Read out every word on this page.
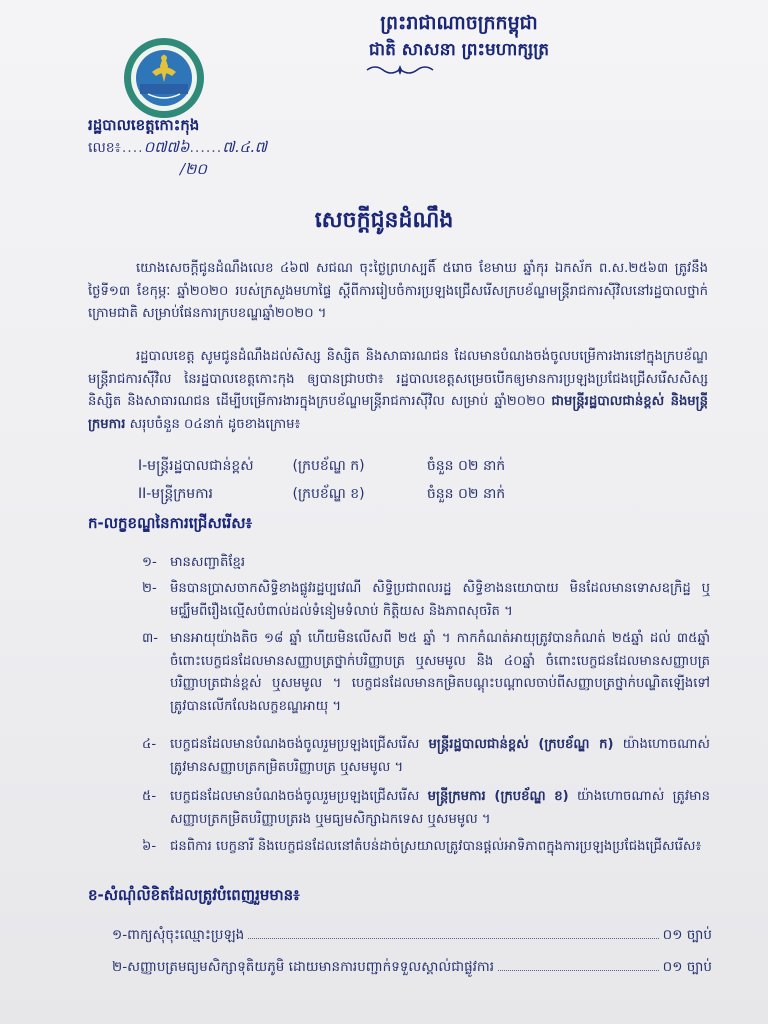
ព្រះរាជាណាចក្រកម្ពុជា
ជាតិ សាសនា ព្រះមហាក្សត្រ
រដ្ឋបាលខេត្តកោះកុង
លេខ៖....០៧៧៦......៧.៤.៧
/២០
សេចក្តីជូនដំណឹង
យោងសេចក្តីជូនដំណឹងលេខ ៤៦៧ សជណ ចុះថ្ងៃព្រហស្បតិ៍ ៥រោច ខែមាឃ ឆ្នាំកុរ ឯកស័ក ព.ស.២៥៦៣ ត្រូវនឹងថ្ងៃទី១៣ ខែកុម្ភៈ ឆ្នាំ២០២០ របស់ក្រសួងមហាផ្ទៃ ស្តីពីការរៀបចំការប្រឡងជ្រើសរើសក្របខ័ណ្ឌមន្ត្រីរាជការស៊ីវិលនៅរដ្ឋបាលថ្នាក់ក្រោមជាតិ សម្រាប់ផែនការក្របខណ្ឌឆ្នាំ២០២០ ។
រដ្ឋបាលខេត្ត សូមជូនដំណឹងដល់សិស្ស និស្សិត និងសាធារណជន ដែលមានបំណងចង់ចូលបម្រើការងារនៅក្នុងក្របខ័ណ្ឌមន្ត្រីរាជការស៊ីវិល នៃរដ្ឋបាលខេត្តកោះកុង ឲ្យបានជ្រាបថា៖ រដ្ឋបាលខេត្តសម្រេចបើកឲ្យមានការប្រឡងប្រជែងជ្រើសរើសសិស្ស និស្សិត និងសាធារណជន ដើម្បីបម្រើការងារក្នុងក្របខ័ណ្ឌមន្ត្រីរាជការស៊ីវិល សម្រាប់ ឆ្នាំ២០២០ ជាមន្ត្រីរដ្ឋបាលជាន់ខ្ពស់ និងមន្ត្រីក្រមការ សរុបចំនួន ០៤នាក់ ដូចខាងក្រោម៖
I-មន្ត្រីរដ្ឋបាលជាន់ខ្ពស់	(ក្របខ័ណ្ឌ ក)	ចំនួន ០២ នាក់
II-មន្ត្រីក្រមការ	(ក្របខ័ណ្ឌ ខ)	ចំនួន ០២ នាក់
ក-លក្ខខណ្ឌនៃការជ្រើសរើស៖
១- មានសញ្ជាតិខ្មែរ
២- មិនបានប្រាសចាកសិទ្ធិខាងផ្លូវរដ្ឋប្បវេណី សិទ្ធិប្រជាពលរដ្ឋ សិទ្ធិខាងនយោបាយ មិនដែលមានទោសឧក្រិដ្ឋ ឬមជ្ឈឹមពីរឿងល្មើសបំពាល់ដល់ទំនៀមទំលាប់ កិត្តិយស និងភាពសុចរិត ។
៣- មានអាយុយ៉ាងតិច ១៨ ឆ្នាំ ហើយមិនលើសពី ២៥ ឆ្នាំ ។ កាកកំណត់អាយុត្រូវបានកំណត់ ២៥ឆ្នាំ ដល់ ៣៥ឆ្នាំ ចំពោះបេក្ខជនដែលមានសញ្ញាបត្រថ្នាក់បរិញ្ញាបត្រ ឬសមមូល និង ៤០ឆ្នាំ ចំពោះបេក្ខជនដែលមានសញ្ញាបត្របរិញ្ញាបត្រជាន់ខ្ពស់ ឬសមមូល ។ បេក្ខជនដែលមានកម្រិតបណ្តុះបណ្តាលចាប់ពីសញ្ញាបត្រថ្នាក់បណ្ឌិតឡើងទៅ ត្រូវបានលើកលែងលក្ខខណ្ឌអាយុ ។
៤- បេក្ខជនដែលមានបំណងចង់ចូលរួមប្រឡងជ្រើសរើស មន្ត្រីរដ្ឋបាលជាន់ខ្ពស់ (ក្របខ័ណ្ឌ ក) យ៉ាងហោចណាស់ ត្រូវមានសញ្ញាបត្រកម្រិតបរិញ្ញាបត្រ ឬសមមូល ។
៥- បេក្ខជនដែលមានបំណងចង់ចូលរួមប្រឡងជ្រើសរើស មន្ត្រីក្រមការ (ក្របខ័ណ្ឌ ខ) យ៉ាងហោចណាស់ ត្រូវមានសញ្ញាបត្រកម្រិតបរិញ្ញាបត្ររង ឬមធ្យមសិក្សាឯកទេស ឬសមមូល ។
៦- ជនពិការ បេក្ខនារី និងបេក្ខជនដែលនៅតំបន់ដាច់ស្រយាលត្រូវបានផ្តល់អាទិភាពក្នុងការប្រឡងប្រជែងជ្រើសរើស៖
ខ-សំណុំលិខិតដែលត្រូវបំពេញរួមមាន៖
១-ពាក្យសុំចុះឈ្មោះប្រឡង	០១ ច្បាប់
២-សញ្ញាបត្រមធ្យមសិក្សាទុតិយភូមិ ដោយមានការបញ្ជាក់ទទួលស្គាល់ជាផ្លូវការ	០១ ច្បាប់
